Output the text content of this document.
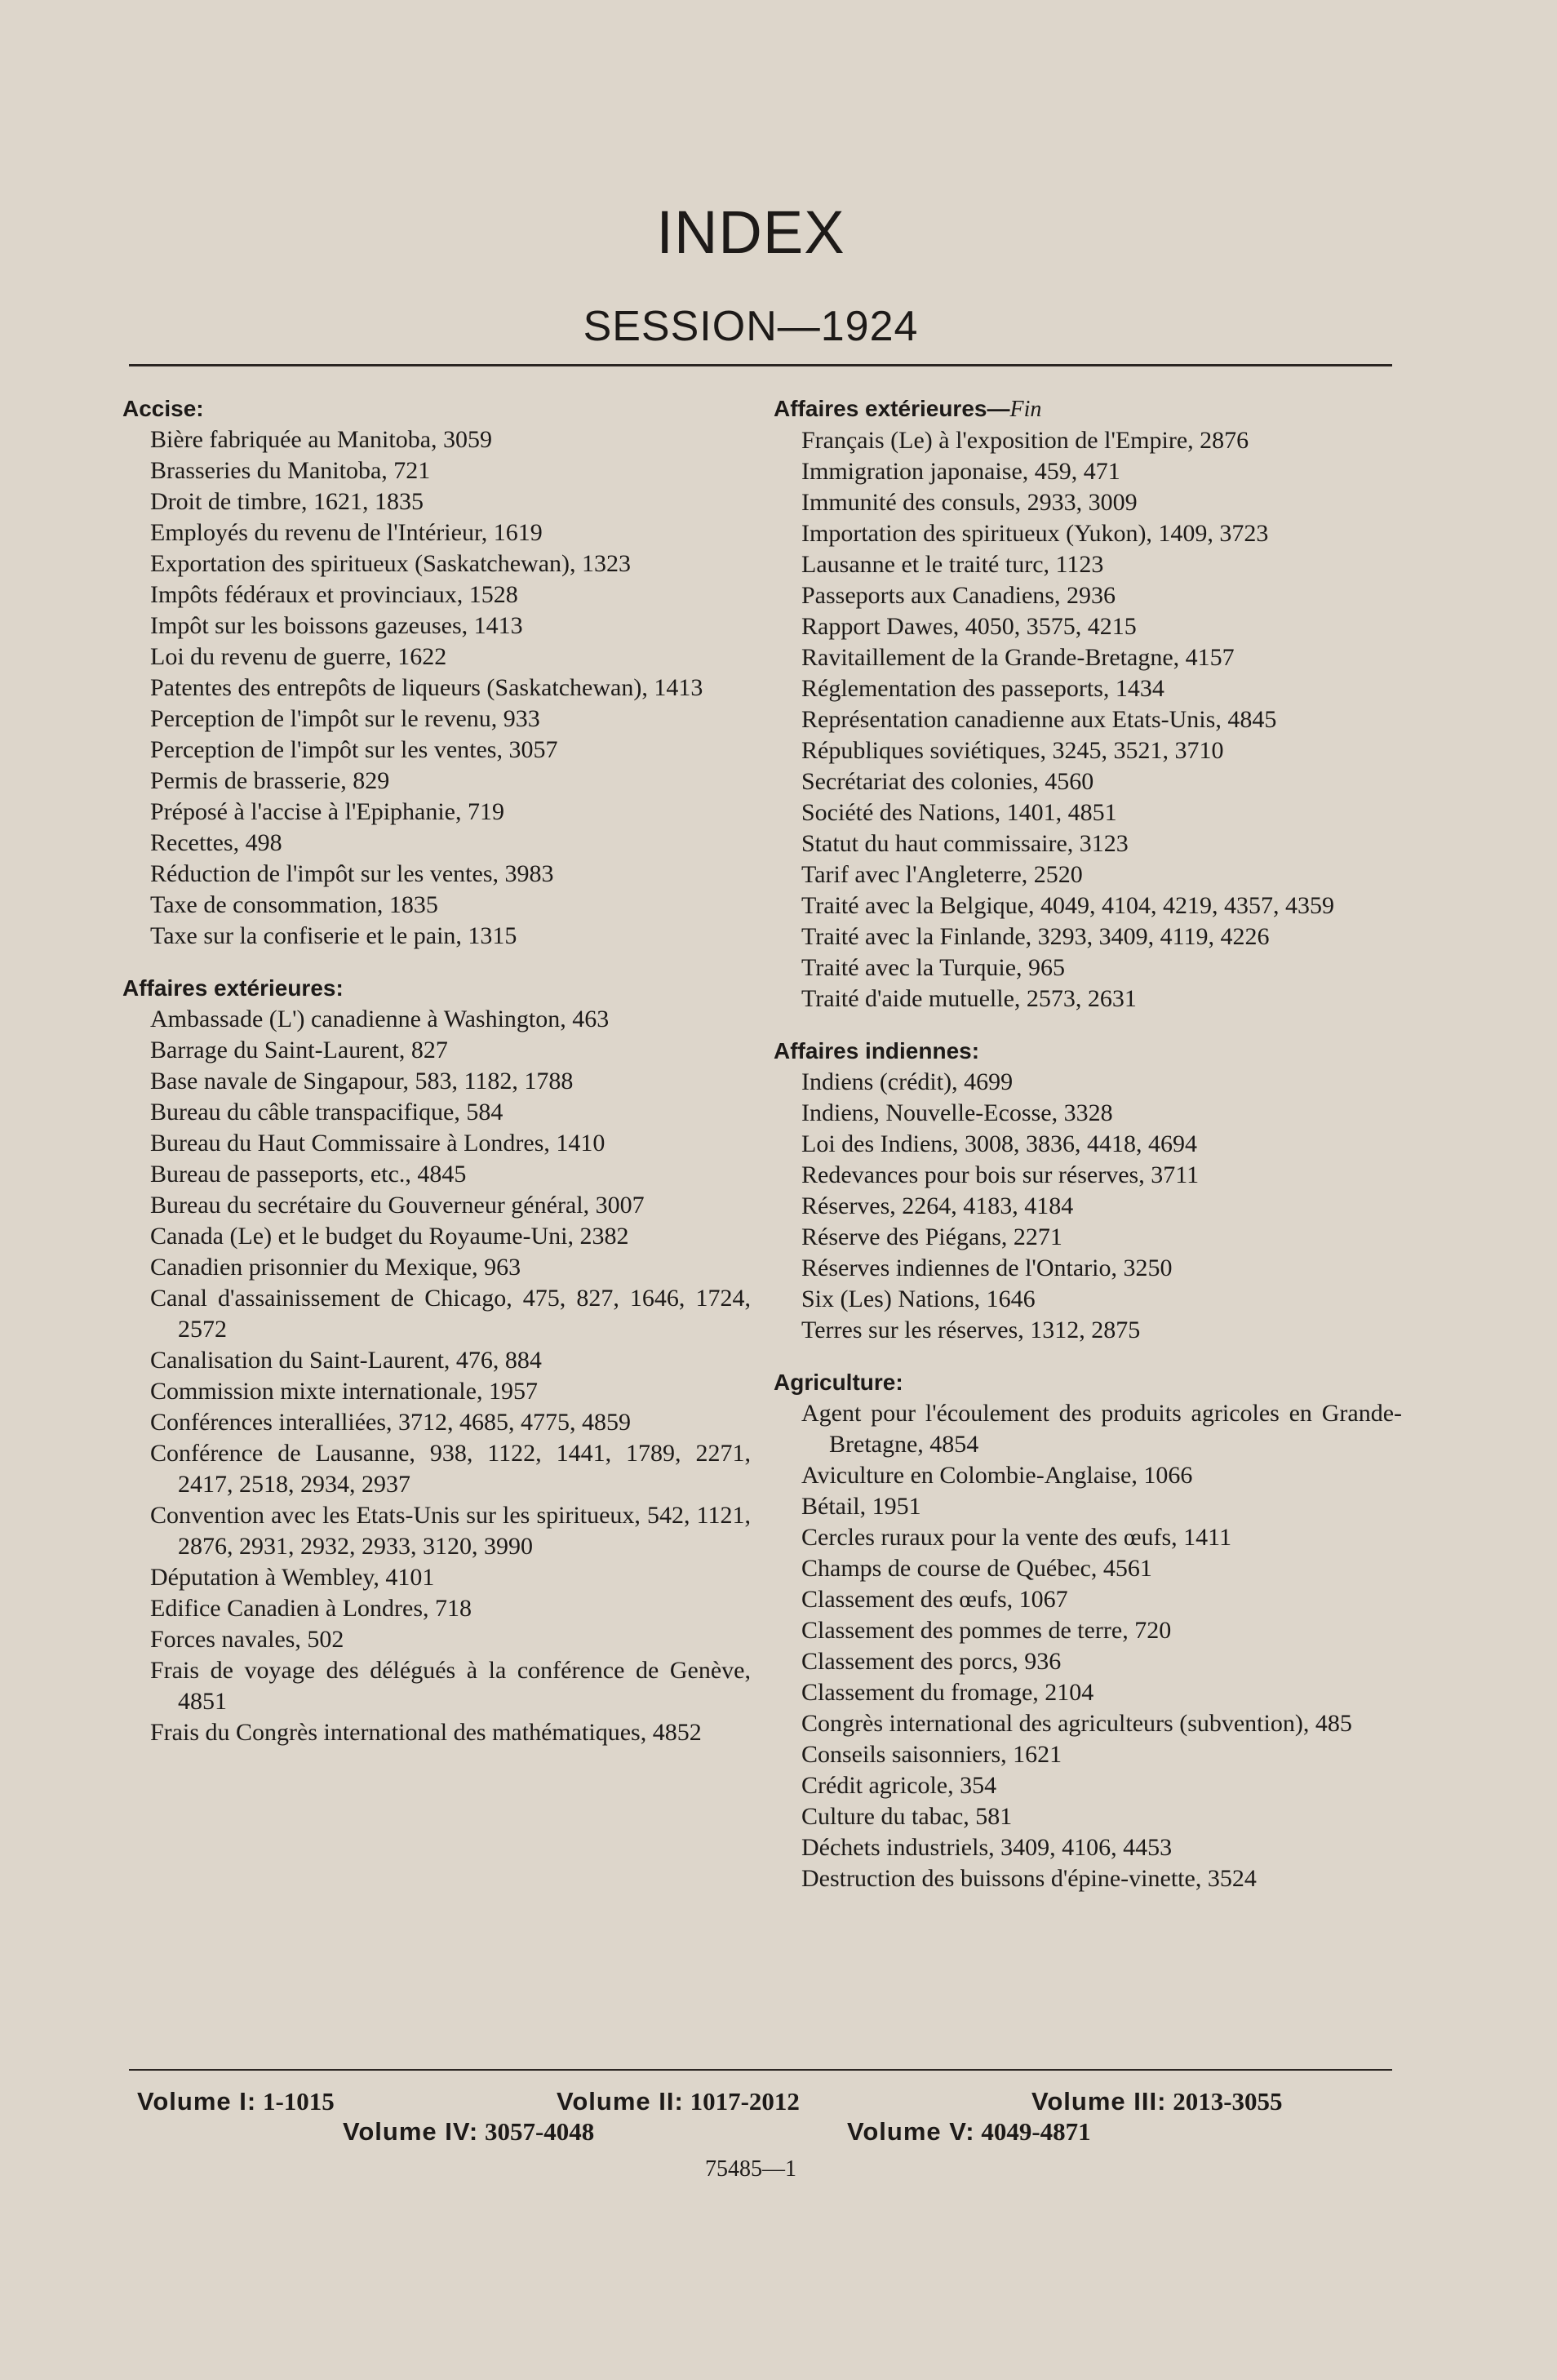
INDEX
SESSION—1924
Accise:
Bière fabriquée au Manitoba, 3059
Brasseries du Manitoba, 721
Droit de timbre, 1621, 1835
Employés du revenu de l'Intérieur, 1619
Exportation des spiritueux (Saskatchewan), 1323
Impôts fédéraux et provinciaux, 1528
Impôt sur les boissons gazeuses, 1413
Loi du revenu de guerre, 1622
Patentes des entrepôts de liqueurs (Saskatchewan), 1413
Perception de l'impôt sur le revenu, 933
Perception de l'impôt sur les ventes, 3057
Permis de brasserie, 829
Préposé à l'accise à l'Epiphanie, 719
Recettes, 498
Réduction de l'impôt sur les ventes, 3983
Taxe de consommation, 1835
Taxe sur la confiserie et le pain, 1315
Affaires extérieures:
Ambassade (L') canadienne à Washington, 463
Barrage du Saint-Laurent, 827
Base navale de Singapour, 583, 1182, 1788
Bureau du câble transpacifique, 584
Bureau du Haut Commissaire à Londres, 1410
Bureau de passeports, etc., 4845
Bureau du secrétaire du Gouverneur général, 3007
Canada (Le) et le budget du Royaume-Uni, 2382
Canadien prisonnier du Mexique, 963
Canal d'assainissement de Chicago, 475, 827, 1646, 1724, 2572
Canalisation du Saint-Laurent, 476, 884
Commission mixte internationale, 1957
Conférences interalliées, 3712, 4685, 4775, 4859
Conférence de Lausanne, 938, 1122, 1441, 1789, 2271, 2417, 2518, 2934, 2937
Convention avec les Etats-Unis sur les spiritueux, 542, 1121, 2876, 2931, 2932, 2933, 3120, 3990
Députation à Wembley, 4101
Edifice Canadien à Londres, 718
Forces navales, 502
Frais de voyage des délégués à la conférence de Genève, 4851
Frais du Congrès international des mathématiques, 4852
Affaires extérieures—Fin
Français (Le) à l'exposition de l'Empire, 2876
Immigration japonaise, 459, 471
Immunité des consuls, 2933, 3009
Importation des spiritueux (Yukon), 1409, 3723
Lausanne et le traité turc, 1123
Passeports aux Canadiens, 2936
Rapport Dawes, 4050, 3575, 4215
Ravitaillement de la Grande-Bretagne, 4157
Réglementation des passeports, 1434
Représentation canadienne aux Etats-Unis, 4845
Républiques soviétiques, 3245, 3521, 3710
Secrétariat des colonies, 4560
Société des Nations, 1401, 4851
Statut du haut commissaire, 3123
Tarif avec l'Angleterre, 2520
Traité avec la Belgique, 4049, 4104, 4219, 4357, 4359
Traité avec la Finlande, 3293, 3409, 4119, 4226
Traité avec la Turquie, 965
Traité d'aide mutuelle, 2573, 2631
Affaires indiennes:
Indiens (crédit), 4699
Indiens, Nouvelle-Ecosse, 3328
Loi des Indiens, 3008, 3836, 4418, 4694
Redevances pour bois sur réserves, 3711
Réserves, 2264, 4183, 4184
Réserve des Piégans, 2271
Réserves indiennes de l'Ontario, 3250
Six (Les) Nations, 1646
Terres sur les réserves, 1312, 2875
Agriculture:
Agent pour l'écoulement des produits agricoles en Grande-Bretagne, 4854
Aviculture en Colombie-Anglaise, 1066
Bétail, 1951
Cercles ruraux pour la vente des œufs, 1411
Champs de course de Québec, 4561
Classement des œufs, 1067
Classement des pommes de terre, 720
Classement des porcs, 936
Classement du fromage, 2104
Congrès international des agriculteurs (subvention), 485
Conseils saisonniers, 1621
Crédit agricole, 354
Culture du tabac, 581
Déchets industriels, 3409, 4106, 4453
Destruction des buissons d'épine-vinette, 3524
Volume I: 1-1015	Volume II: 1017-2012	Volume III: 2013-3055
Volume IV: 3057-4048	Volume V: 4049-4871
75485—1
